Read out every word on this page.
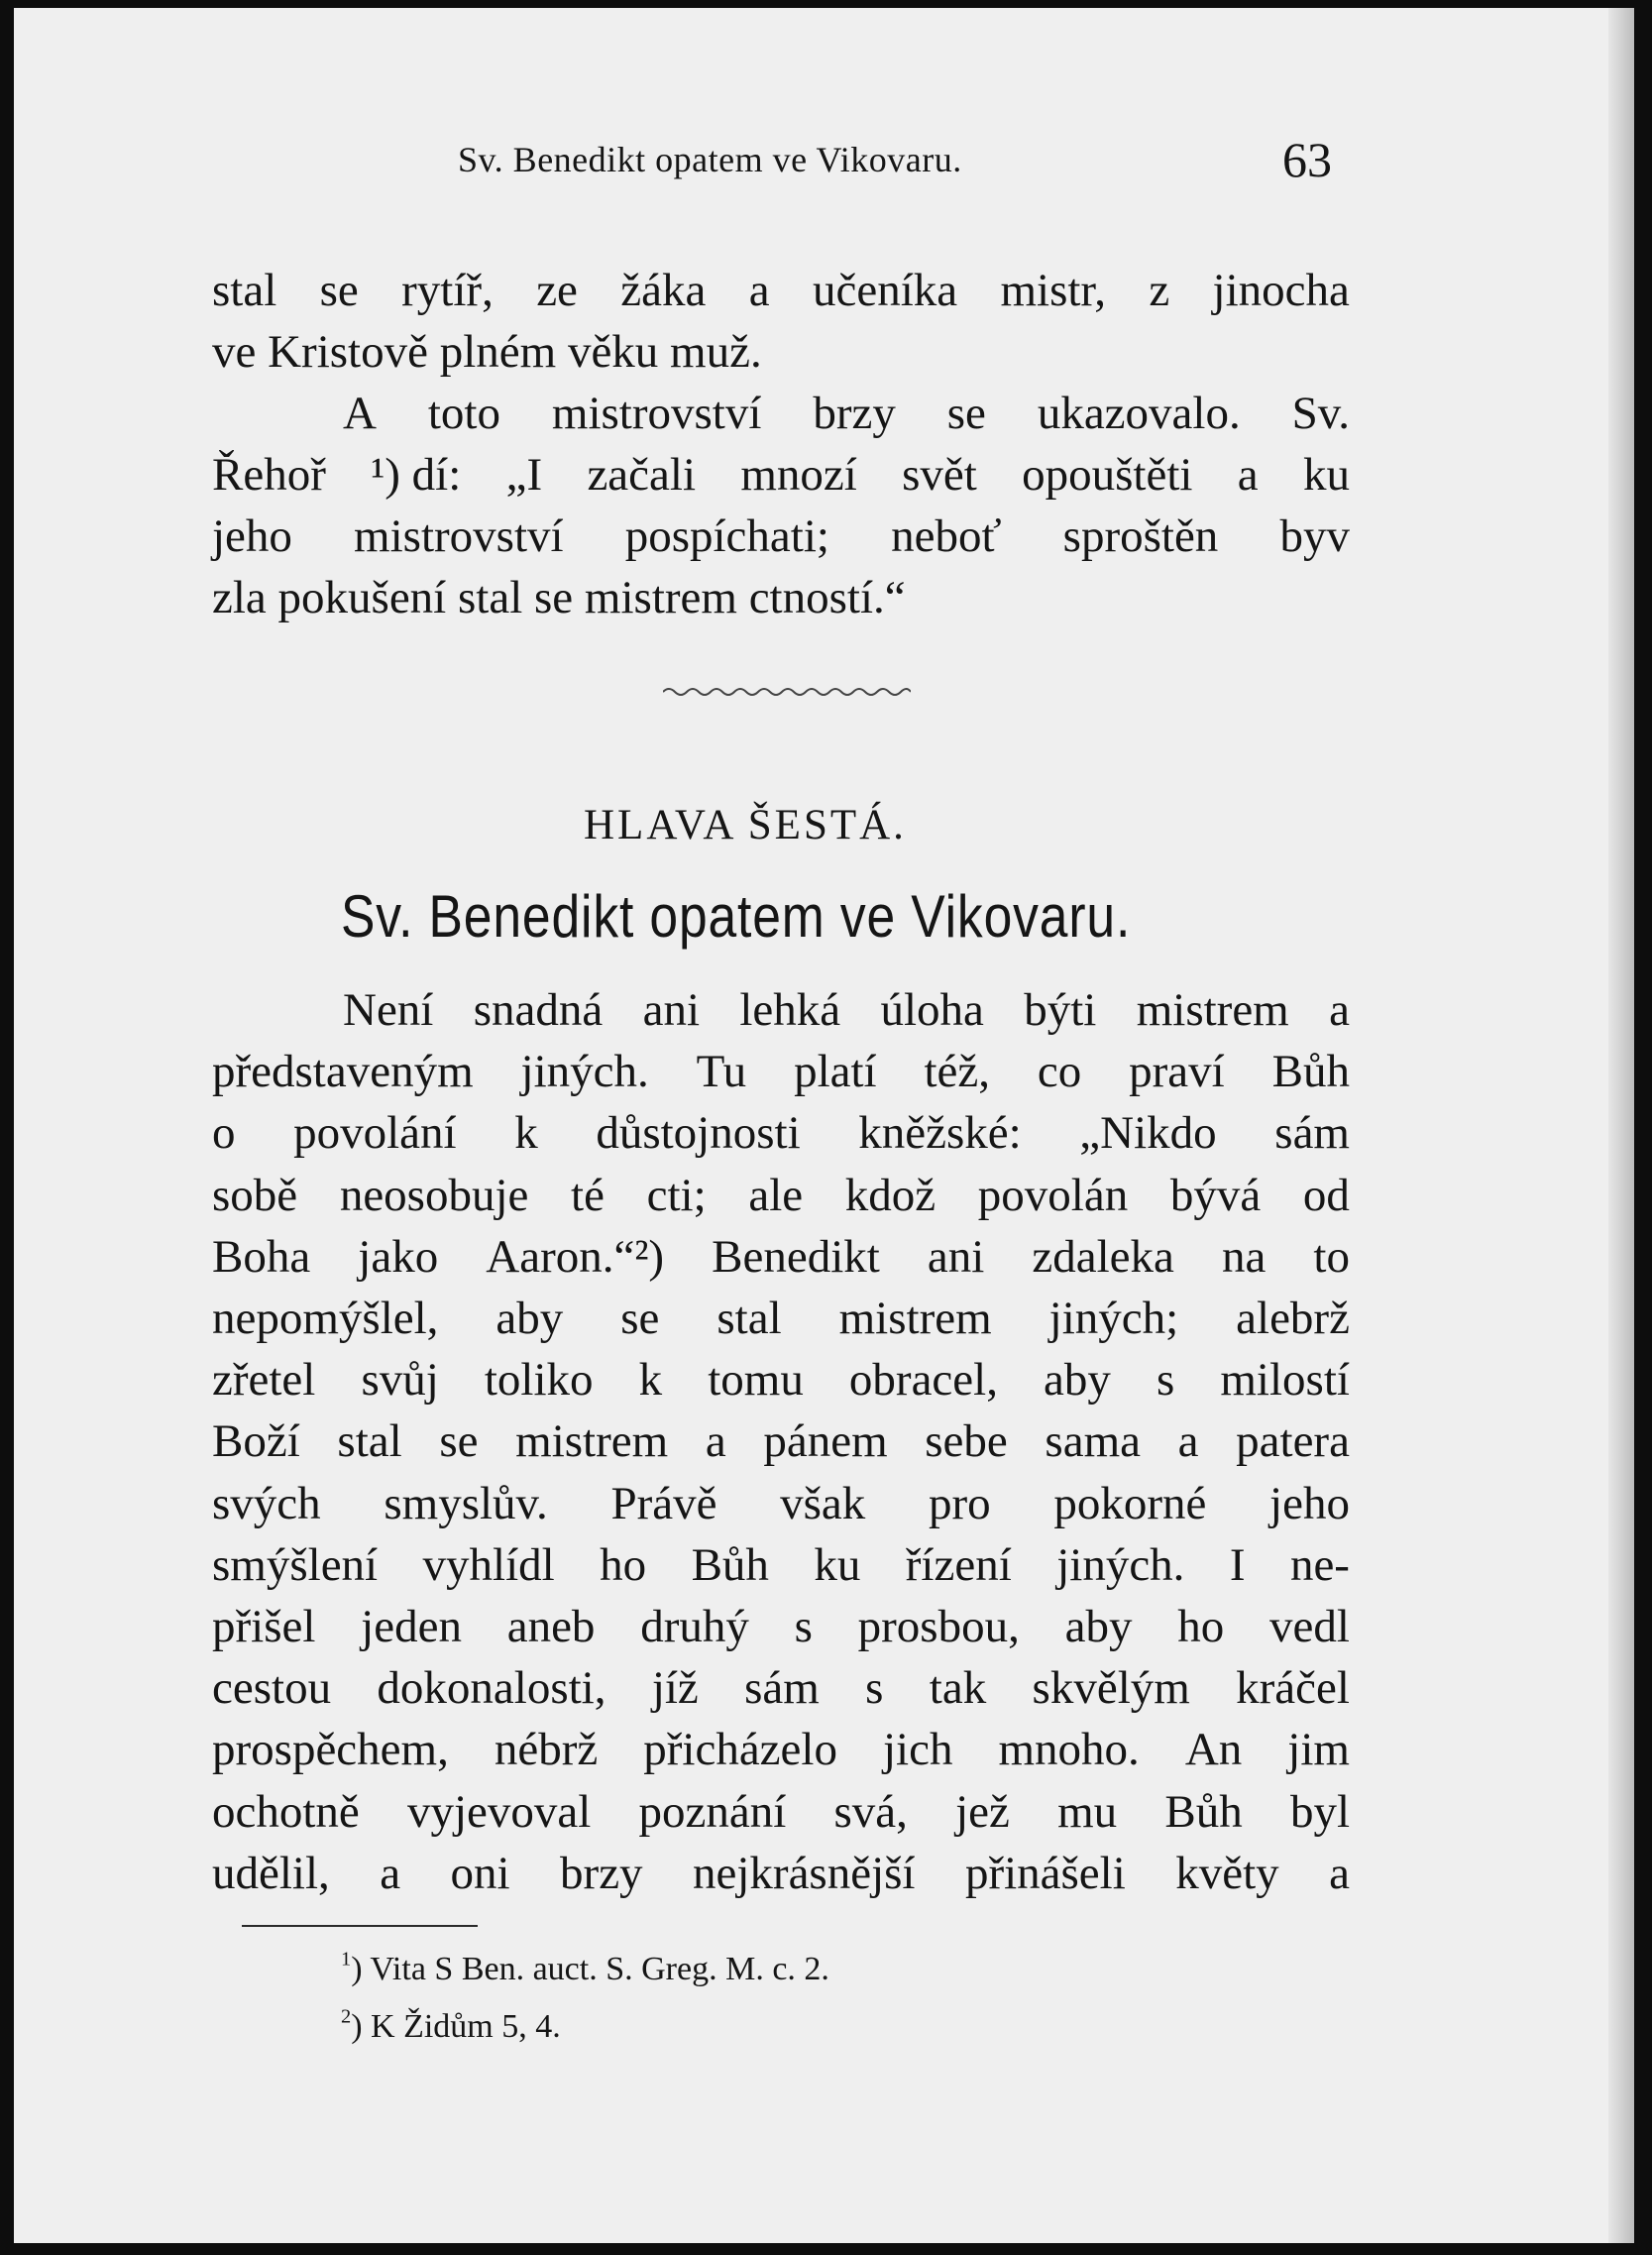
Sv. Benedikt opatem ve Vikovaru.	63
stal se rytíř, ze žáka a učeníka mistr, z jinocha
ve Kristově plném věku muž.
A toto mistrovství brzy se ukazovalo. Sv.
Řehoř ¹) dí: „I začali mnozí svět opouštěti a ku
jeho mistrovství pospíchati; neboť sproštěn byv
zla pokušení stal se mistrem ctností.“
HLAVA ŠESTÁ.
Sv. Benedikt opatem ve Vikovaru.
Není snadná ani lehká úloha býti mistrem a
představeným jiných. Tu platí též, co praví Bůh
o povolání k důstojnosti kněžské: „Nikdo sám
sobě neosobuje té cti; ale kdož povolán bývá od
Boha jako Aaron.“²) Benedikt ani zdaleka na to
nepomýšlel, aby se stal mistrem jiných; alebrž
zřetel svůj toliko k tomu obracel, aby s milostí
Boží stal se mistrem a pánem sebe sama a patera
svých smyslův. Právě však pro pokorné jeho
smýšlení vyhlídl ho Bůh ku řízení jiných. I ne-
přišel jeden aneb druhý s prosbou, aby ho vedl
cestou dokonalosti, jíž sám s tak skvělým kráčel
prospěchem, nébrž přicházelo jich mnoho. An jim
ochotně vyjevoval poznání svá, jež mu Bůh byl
udělil, a oni brzy nejkrásnější přinášeli květy a
$^1$) Vita S Ben. auct. S. Greg. M. c. 2.
$^2$) K Židům 5, 4.
